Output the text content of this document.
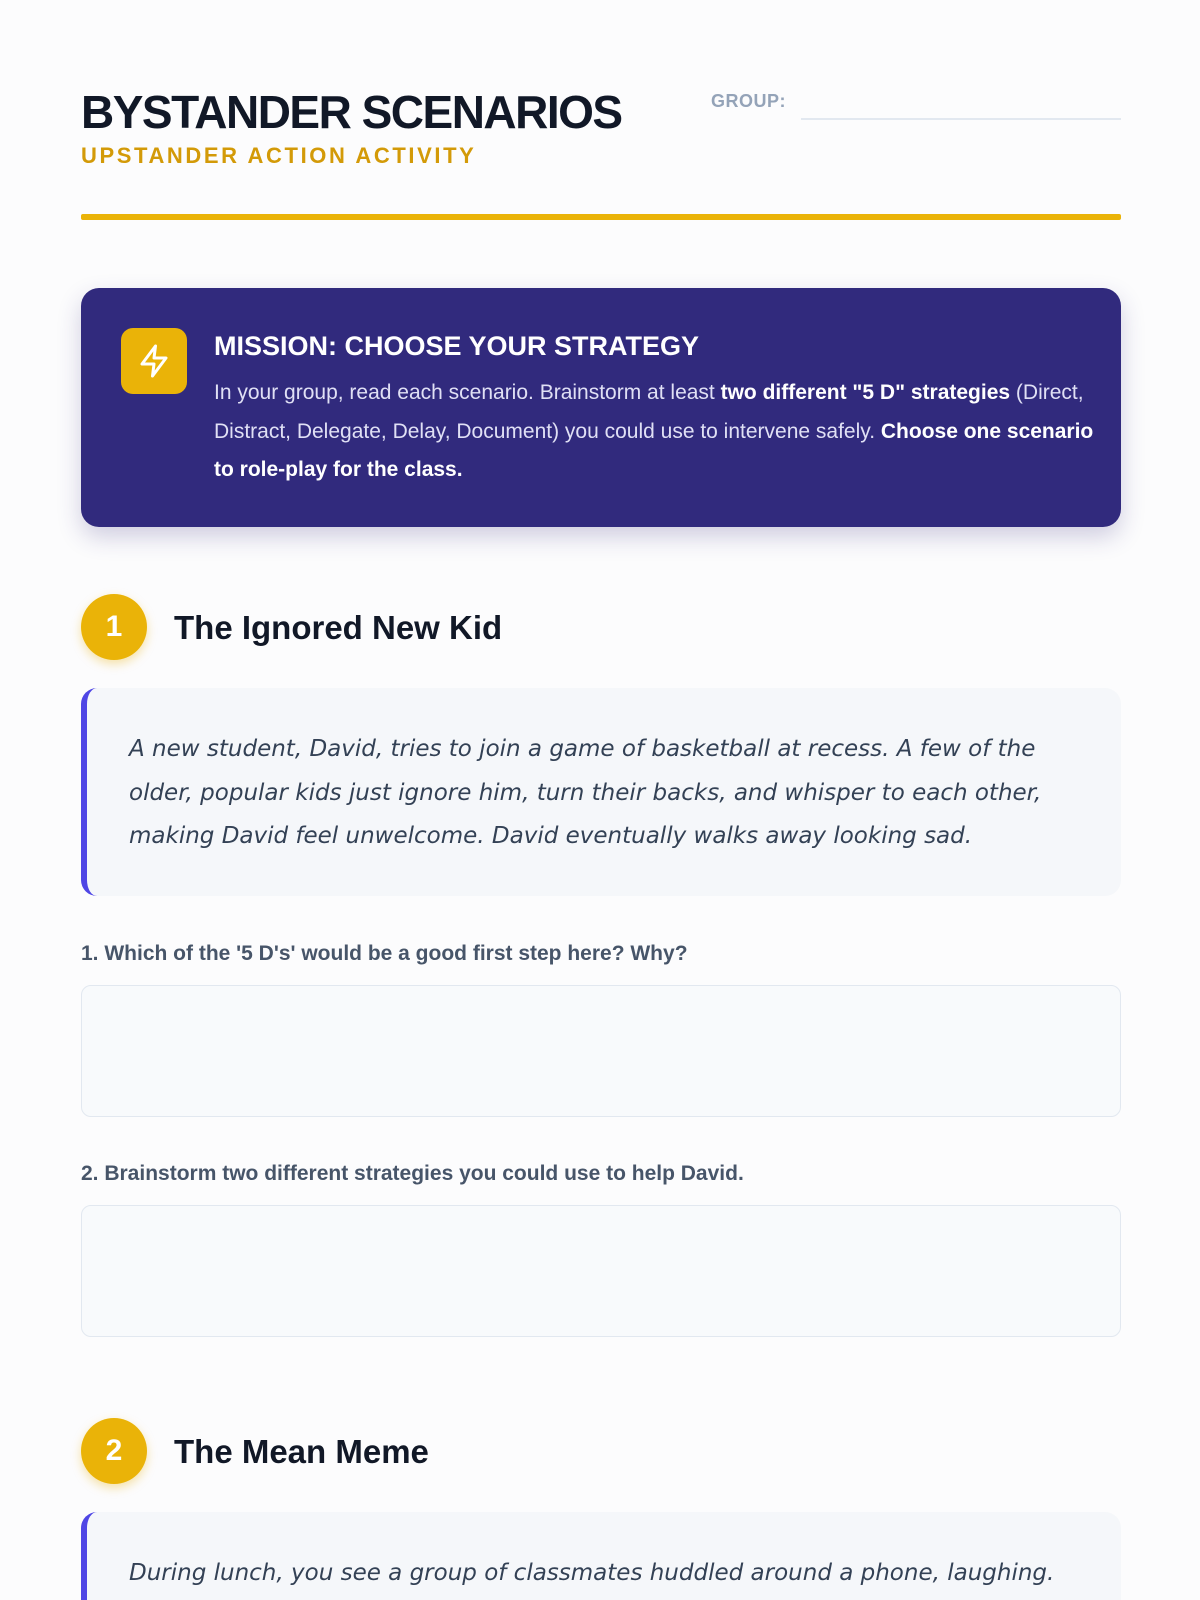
BYSTANDER SCENARIOS
UPSTANDER ACTION ACTIVITY
GROUP:
MISSION: CHOOSE YOUR STRATEGY
In your group, read each scenario. Brainstorm at least two different "5 D" strategies (Direct, Distract, Delegate, Delay, Document) you could use to intervene safely. Choose one scenario to role-play for the class.
1	The Ignored New Kid
A new student, David, tries to join a game of basketball at recess. A few of the older, popular kids just ignore him, turn their backs, and whisper to each other, making David feel unwelcome. David eventually walks away looking sad.
1. Which of the '5 D's' would be a good first step here? Why?
2. Brainstorm two different strategies you could use to help David.
2	The Mean Meme
During lunch, you see a group of classmates huddled around a phone, laughing.
